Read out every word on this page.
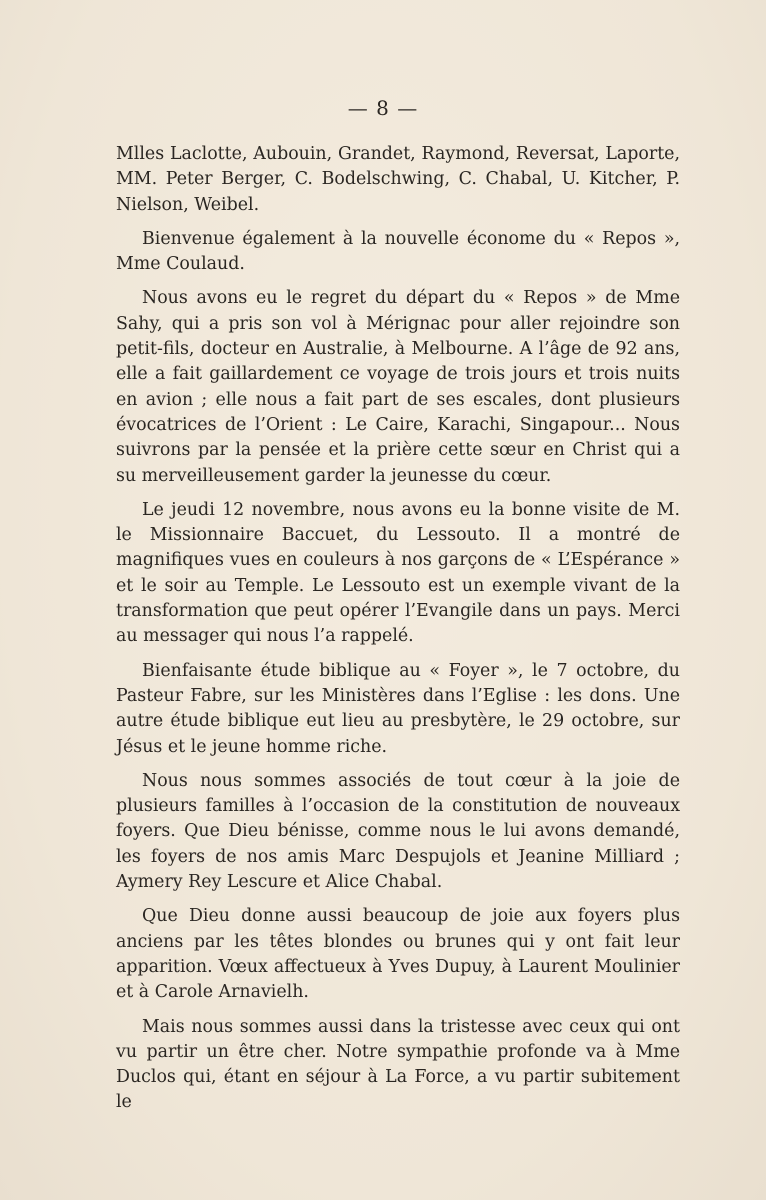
— 8 —

Mlles Laclotte, Aubouin, Grandet, Raymond, Reversat, Laporte, MM. Peter Berger, C. Bodelschwing, C. Chabal, U. Kitcher, P. Nielson, Weibel.

Bienvenue également à la nouvelle économe du « Repos », Mme Coulaud.

Nous avons eu le regret du départ du « Repos » de Mme Sahy, qui a pris son vol à Mérignac pour aller rejoindre son petit-fils, docteur en Australie, à Melbourne. A l’âge de 92 ans, elle a fait gaillardement ce voyage de trois jours et trois nuits en avion ; elle nous a fait part de ses escales, dont plusieurs évocatrices de l’Orient : Le Caire, Karachi, Singapour... Nous suivrons par la pensée et la prière cette sœur en Christ qui a su merveilleusement garder la jeunesse du cœur.

Le jeudi 12 novembre, nous avons eu la bonne visite de M. le Missionnaire Baccuet, du Lessouto. Il a montré de magnifiques vues en couleurs à nos garçons de « L’Espérance » et le soir au Temple. Le Lessouto est un exemple vivant de la transformation que peut opérer l’Evangile dans un pays. Merci au messager qui nous l’a rappelé.

Bienfaisante étude biblique au « Foyer », le 7 octobre, du Pasteur Fabre, sur les Ministères dans l’Eglise : les dons. Une autre étude biblique eut lieu au presbytère, le 29 octobre, sur Jésus et le jeune homme riche.

Nous nous sommes associés de tout cœur à la joie de plusieurs familles à l’occasion de la constitution de nouveaux foyers. Que Dieu bénisse, comme nous le lui avons demandé, les foyers de nos amis Marc Despujols et Jeanine Milliard ; Aymery Rey Lescure et Alice Chabal.

Que Dieu donne aussi beaucoup de joie aux foyers plus anciens par les têtes blondes ou brunes qui y ont fait leur apparition. Vœux affectueux à Yves Dupuy, à Laurent Moulinier et à Carole Arnavielh.

Mais nous sommes aussi dans la tristesse avec ceux qui ont vu partir un être cher. Notre sympathie profonde va à Mme Duclos qui, étant en séjour à La Force, a vu partir subitement le
